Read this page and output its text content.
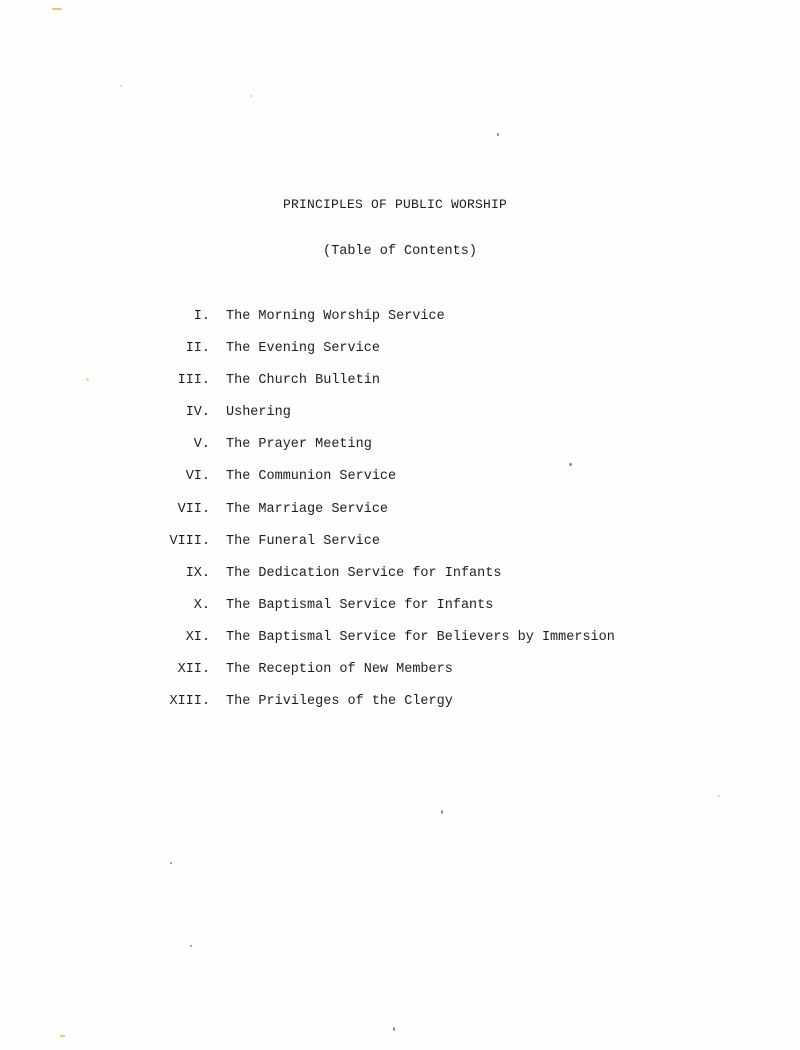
PRINCIPLES OF PUBLIC WORSHIP

(Table of Contents)

I. The Morning Worship Service
II. The Evening Service
III. The Church Bulletin
IV. Ushering
V. The Prayer Meeting
VI. The Communion Service
VII. The Marriage Service
VIII. The Funeral Service
IX. The Dedication Service for Infants
X. The Baptismal Service for Infants
XI. The Baptismal Service for Believers by Immersion
XII. The Reception of New Members
XIII. The Privileges of the Clergy
